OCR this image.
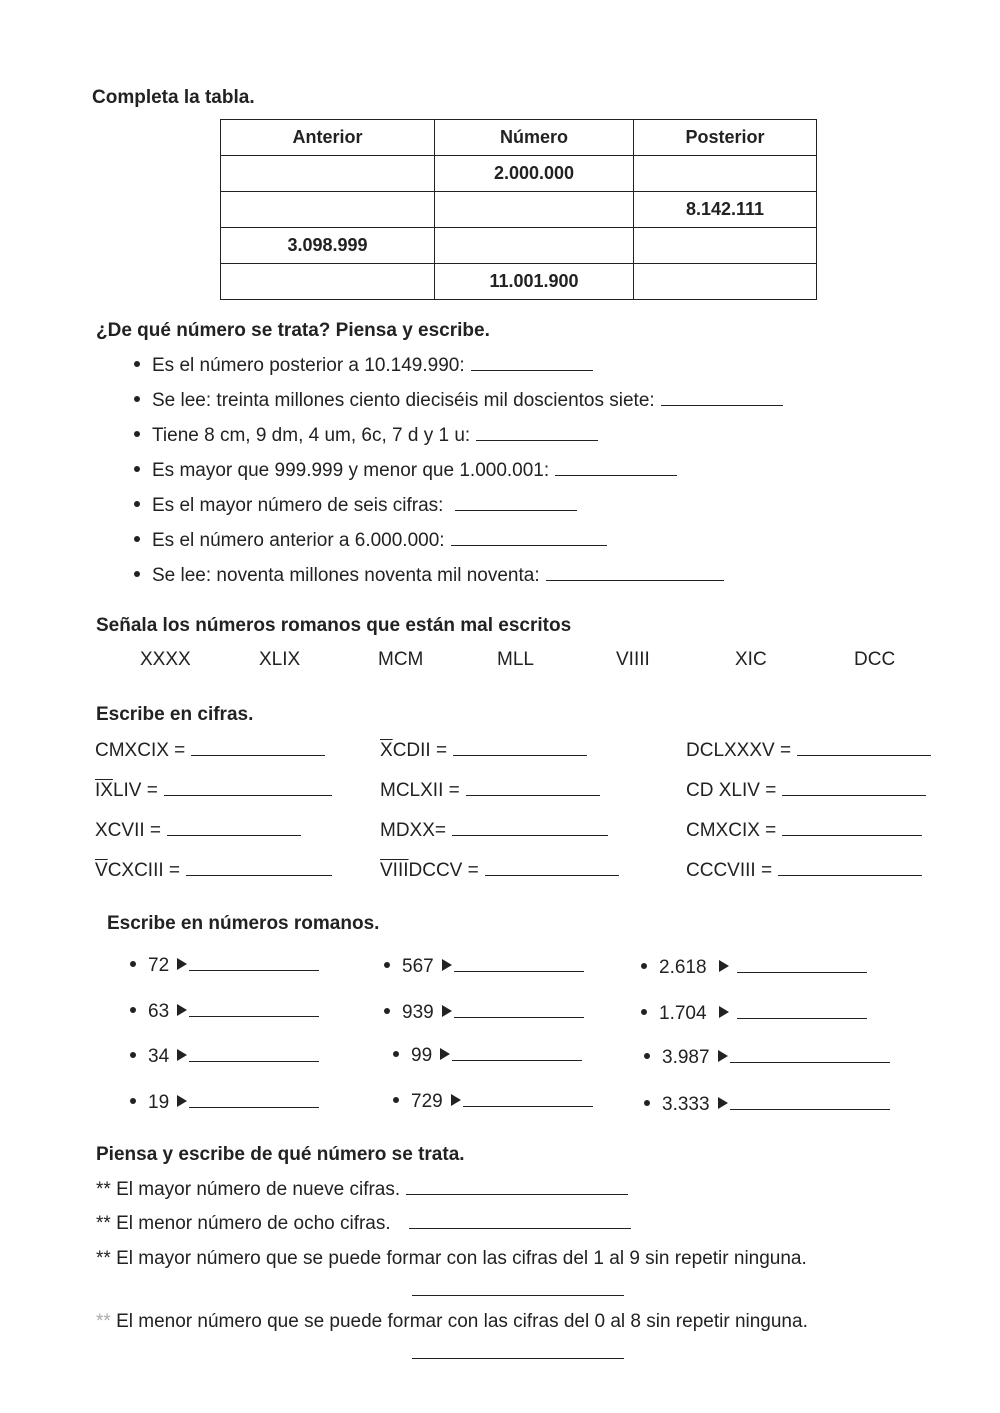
Completa la tabla.
Anterior	Número	Posterior
	2.000.000	
		8.142.111
3.098.999		
	11.001.900	
¿De qué número se trata? Piensa y escribe.
Es el número posterior a 10.149.990:
Se lee: treinta millones ciento dieciséis mil doscientos siete:
Tiene 8 cm, 9 dm, 4 um, 6c, 7 d y 1 u:
Es mayor que 999.999 y menor que 1.000.001:
Es el mayor número de seis cifras:
Es el número anterior a 6.000.000:
Se lee: noventa millones noventa mil noventa:
Señala los números romanos que están mal escritos
XXXX	XLIX	MCM	MLL	VIIII	XIC	DCC
Escribe en cifras.
CMXCIX =
$\overline{IX}LIV$ =
XCVII =
$\overline{V}CXCIII$ =
$\overline{X}CDII$ =
MCLXII =
MDXX=
VIIIDCCV =
DCLXXXV =
CD XLIV =
CMXCIX =
CCCVIII =
Escribe en números romanos.
72
63
34
19
567
939
99
729
2.618
1.704
3.987
3.333
Piensa y escribe de qué número se trata.
** El mayor número de nueve cifras.
** El menor número de ocho cifras.
** El mayor número que se puede formar con las cifras del 1 al 9 sin repetir ninguna.
** El menor número que se puede formar con las cifras del 0 al 8 sin repetir ninguna.
